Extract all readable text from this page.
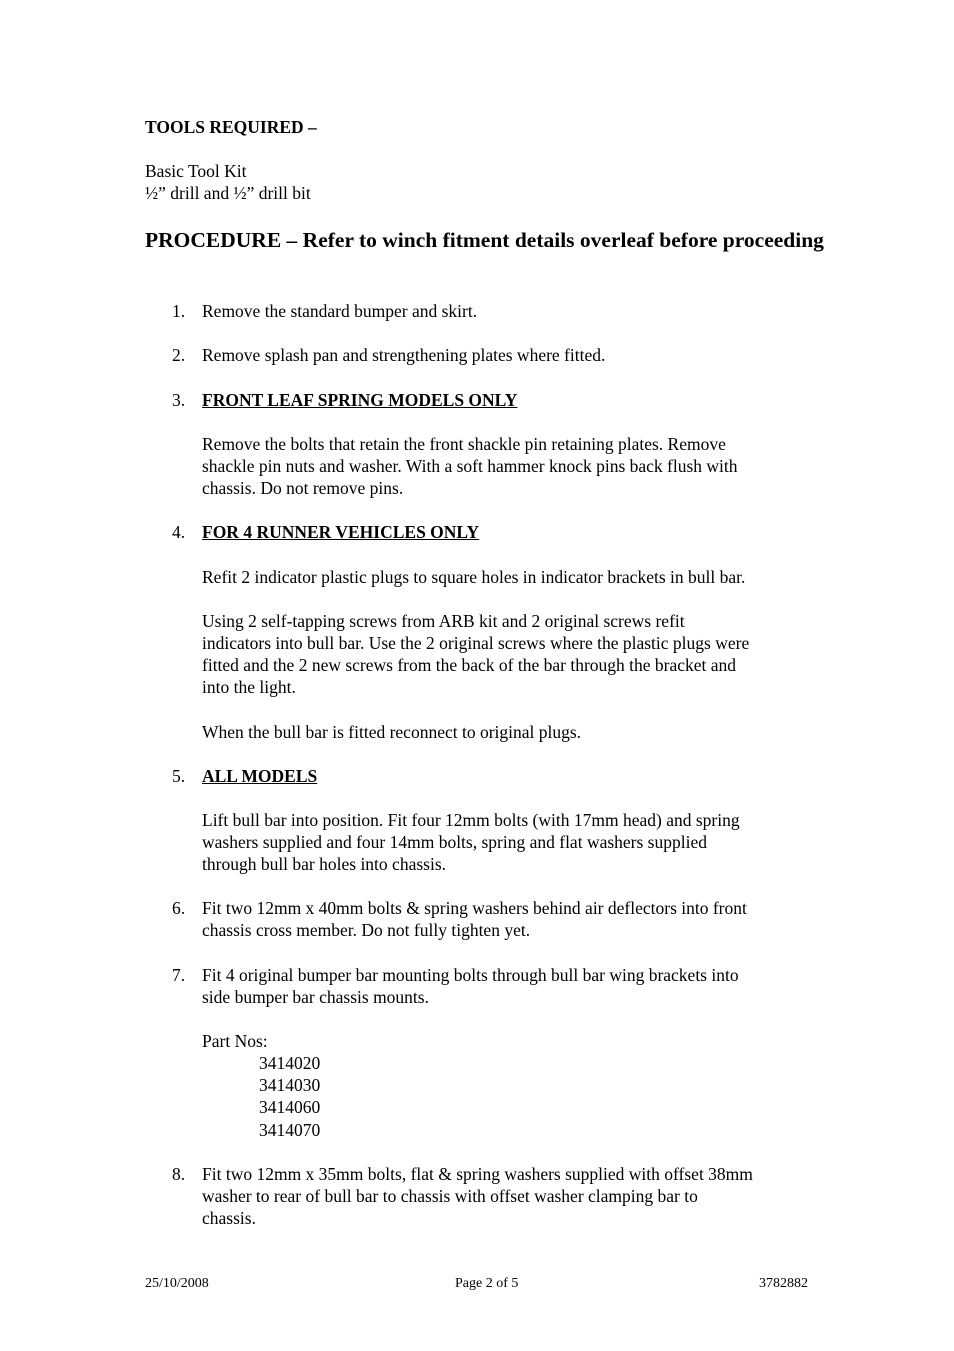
TOOLS REQUIRED –
Basic Tool Kit
½” drill and ½” drill bit
PROCEDURE – Refer to winch fitment details overleaf before proceeding
1. Remove the standard bumper and skirt.
2. Remove splash pan and strengthening plates where fitted.
3. FRONT LEAF SPRING MODELS ONLY
Remove the bolts that retain the front shackle pin retaining plates. Remove
shackle pin nuts and washer. With a soft hammer knock pins back flush with
chassis. Do not remove pins.
4. FOR 4 RUNNER VEHICLES ONLY
Refit 2 indicator plastic plugs to square holes in indicator brackets in bull bar.
Using 2 self-tapping screws from ARB kit and 2 original screws refit
indicators into bull bar. Use the 2 original screws where the plastic plugs were
fitted and the 2 new screws from the back of the bar through the bracket and
into the light.
When the bull bar is fitted reconnect to original plugs.
5. ALL MODELS
Lift bull bar into position. Fit four 12mm bolts (with 17mm head) and spring
washers supplied and four 14mm bolts, spring and flat washers supplied
through bull bar holes into chassis.
6. Fit two 12mm x 40mm bolts & spring washers behind air deflectors into front
chassis cross member. Do not fully tighten yet.
7. Fit 4 original bumper bar mounting bolts through bull bar wing brackets into
side bumper bar chassis mounts.
Part Nos:
3414020
3414030
3414060
3414070
8. Fit two 12mm x 35mm bolts, flat & spring washers supplied with offset 38mm
washer to rear of bull bar to chassis with offset washer clamping bar to
chassis.
25/10/2008	Page 2 of 5	3782882
